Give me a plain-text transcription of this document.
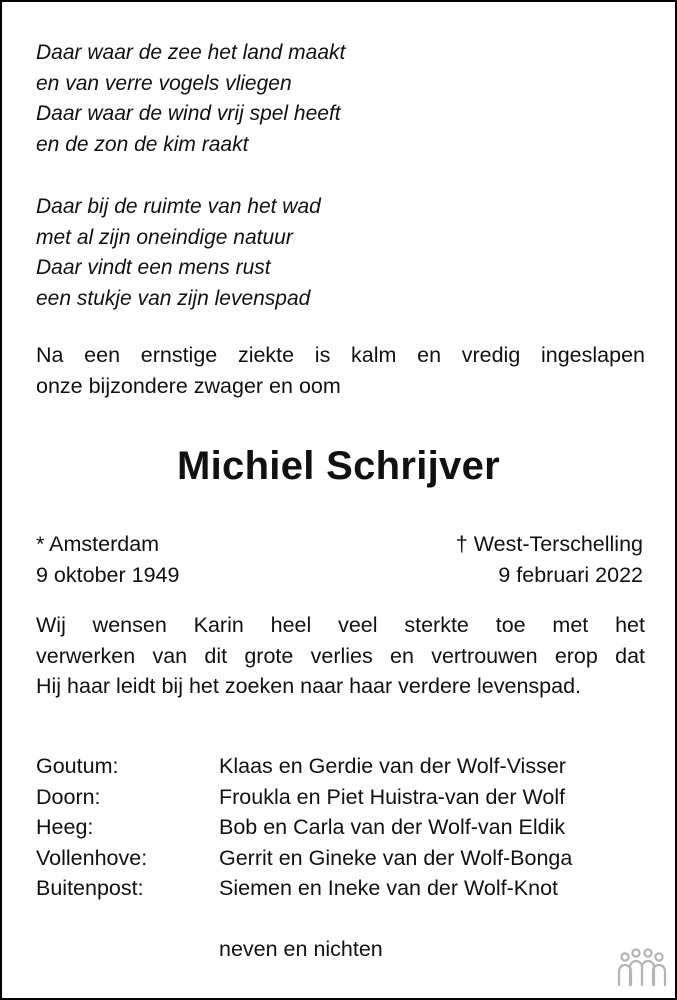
Daar waar de zee het land maakt
en van verre vogels vliegen
Daar waar de wind vrij spel heeft
en de zon de kim raakt
Daar bij de ruimte van het wad
met al zijn oneindige natuur
Daar vindt een mens rust
een stukje van zijn levenspad
Na een ernstige ziekte is kalm en vredig ingeslapen
onze bijzondere zwager en oom
Michiel Schrijver
* Amsterdam
9 oktober 1949
† West-Terschelling
9 februari 2022
Wij wensen Karin heel veel sterkte toe met het
verwerken van dit grote verlies en vertrouwen erop dat
Hij haar leidt bij het zoeken naar haar verdere levenspad.
Goutum:	Klaas en Gerdie van der Wolf-Visser
Doorn:	Froukla en Piet Huistra-van der Wolf
Heeg:	Bob en Carla van der Wolf-van Eldik
Vollenhove:	Gerrit en Gineke van der Wolf-Bonga
Buitenpost:	Siemen en Ineke van der Wolf-Knot
neven en nichten
